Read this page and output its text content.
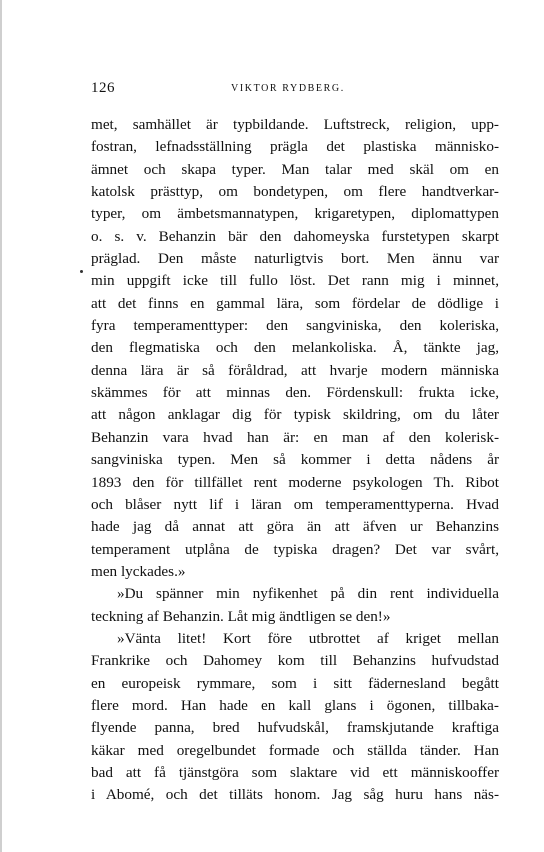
126	VIKTOR RYDBERG.
met, samhället är typbildande. Luftstreck, religion, upp-
fostran, lefnadsställning prägla det plastiska människo-
ämnet och skapa typer. Man talar med skäl om en
katolsk prästtyp, om bondetypen, om flere handtverkar-
typer, om ämbetsmannatypen, krigaretypen, diplomattypen
o. s. v. Behanzin bär den dahomeyska furstetypen skarpt
präglad. Den måste naturligtvis bort. Men ännu var
min uppgift icke till fullo löst. Det rann mig i minnet,
att det finns en gammal lära, som fördelar de dödlige i
fyra temperamenttyper: den sangviniska, den koleriska,
den flegmatiska och den melankoliska. Å, tänkte jag,
denna lära är så föråldrad, att hvarje modern människa
skämmes för att minnas den. Fördenskull: frukta icke,
att någon anklagar dig för typisk skildring, om du låter
Behanzin vara hvad han är: en man af den kolerisk-
sangviniska typen. Men så kommer i detta nådens år
1893 den för tillfället rent moderne psykologen Th. Ribot
och blåser nytt lif i läran om temperamenttyperna. Hvad
hade jag då annat att göra än att äfven ur Behanzins
temperament utplåna de typiska dragen? Det var svårt,
men lyckades.»
»Du spänner min nyfikenhet på din rent individuella
teckning af Behanzin. Låt mig ändtligen se den!»
»Vänta litet! Kort före utbrottet af kriget mellan
Frankrike och Dahomey kom till Behanzins hufvudstad
en europeisk rymmare, som i sitt fädernesland begått
flere mord. Han hade en kall glans i ögonen, tillbaka-
flyende panna, bred hufvudskål, framskjutande kraftiga
käkar med oregelbundet formade och ställda tänder. Han
bad att få tjänstgöra som slaktare vid ett människooffer
i Abomé, och det tilläts honom. Jag såg huru hans näs-
